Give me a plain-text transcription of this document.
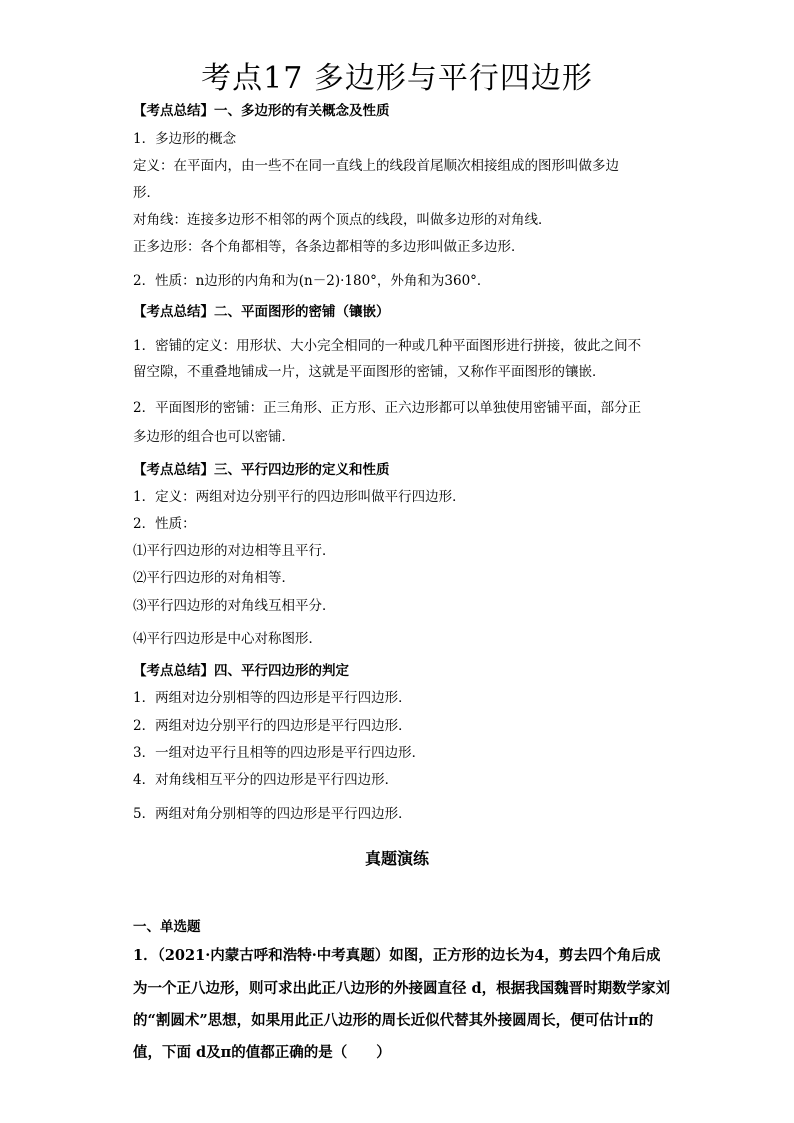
考点17 多边形与平行四边形
【考点总结】一、多边形的有关概念及性质
1．多边形的概念
定义：在平面内，由一些不在同一直线上的线段首尾顺次相接组成的图形叫做多边
形．
对角线：连接多边形不相邻的两个顶点的线段，叫做多边形的对角线．
正多边形：各个角都相等，各条边都相等的多边形叫做正多边形．
2．性质：n边形的内角和为(n－2)·180°，外角和为360°．
【考点总结】二、平面图形的密铺（镶嵌）
1．密铺的定义：用形状、大小完全相同的一种或几种平面图形进行拼接，彼此之间不
留空隙，不重叠地铺成一片，这就是平面图形的密铺，又称作平面图形的镶嵌．
2．平面图形的密铺：正三角形、正方形、正六边形都可以单独使用密铺平面，部分正
多边形的组合也可以密铺．
【考点总结】三、平行四边形的定义和性质
1．定义：两组对边分别平行的四边形叫做平行四边形．
2．性质：
⑴平行四边形的对边相等且平行．
⑵平行四边形的对角相等．
⑶平行四边形的对角线互相平分．
⑷平行四边形是中心对称图形．
【考点总结】四、平行四边形的判定
1．两组对边分别相等的四边形是平行四边形．
2．两组对边分别平行的四边形是平行四边形．
3．一组对边平行且相等的四边形是平行四边形．
4．对角线相互平分的四边形是平行四边形．
5．两组对角分别相等的四边形是平行四边形．
真题演练
一、单选题
1．（2021·内蒙古呼和浩特·中考真题）如图，正方形的边长为4，剪去四个角后成
为一个正八边形，则可求出此正八边形的外接圆直径 d，根据我国魏晋时期数学家刘
的“割圆术”思想，如果用此正八边形的周长近似代替其外接圆周长，便可估计π的
值，下面 d及π的值都正确的是（　　）
